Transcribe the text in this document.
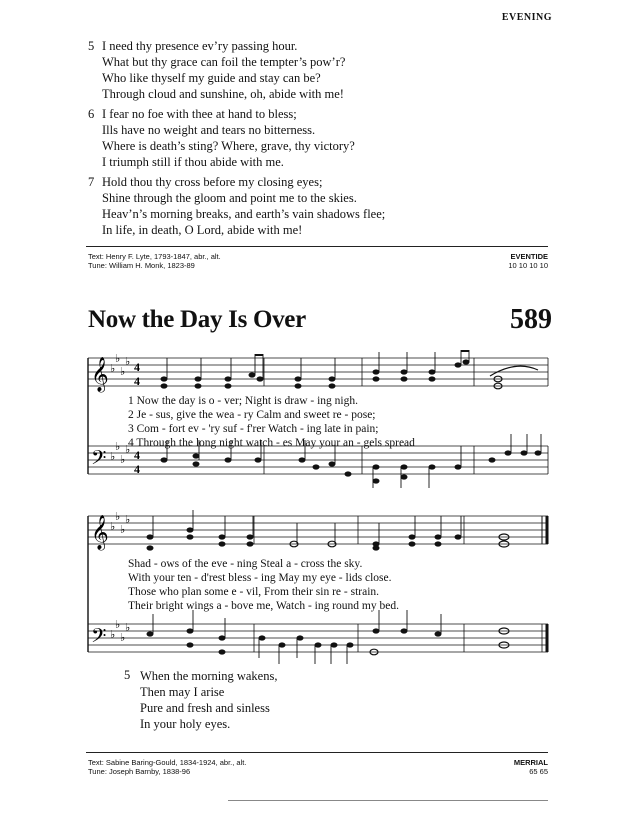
EVENING
5 I need thy presence ev’ry passing hour.
What but thy grace can foil the tempter’s pow’r?
Who like thyself my guide and stay can be?
Through cloud and sunshine, oh, abide with me!
6 I fear no foe with thee at hand to bless;
Ills have no weight and tears no bitterness.
Where is death’s sting? Where, grave, thy victory?
I triumph still if thou abide with me.
7 Hold thou thy cross before my closing eyes;
Shine through the gloom and point me to the skies.
Heav’n’s morning breaks, and earth’s vain shadows flee;
In life, in death, O Lord, abide with me!
Text: Henry F. Lyte, 1793-1847, abr., alt.
Tune: William H. Monk, 1823-89
EVENTIDE
10 10 10 10
Now the Day Is Over	589
𝄞
𝄢
♭
♭
♭
♭
♭
♭
♭
♭
4
4
4
4

1 Now the day is o - ver; Night is draw - ing nigh.

2 Je - sus, give the wea - ry Calm and sweet re - pose;

3 Com - fort ev - 'ry suf - f'rer Watch - ing late in pain;

4 Through the long night watch - es May your an - gels spread

𝄞
𝄢
♭
♭
♭
♭
♭
♭
♭
♭

Shad - ows of the eve - ning Steal a - cross the sky.

With your ten - d'rest bless - ing May my eye - lids close.

Those who plan some e - vil, From their sin re - strain.

Their bright wings a - bove me, Watch - ing round my bed.

5 When the morning wakens,
Then may I arise
Pure and fresh and sinless
In your holy eyes.
Text: Sabine Baring-Gould, 1834-1924, abr., alt.
Tune: Joseph Barnby, 1838-96
MERRIAL
65 65
